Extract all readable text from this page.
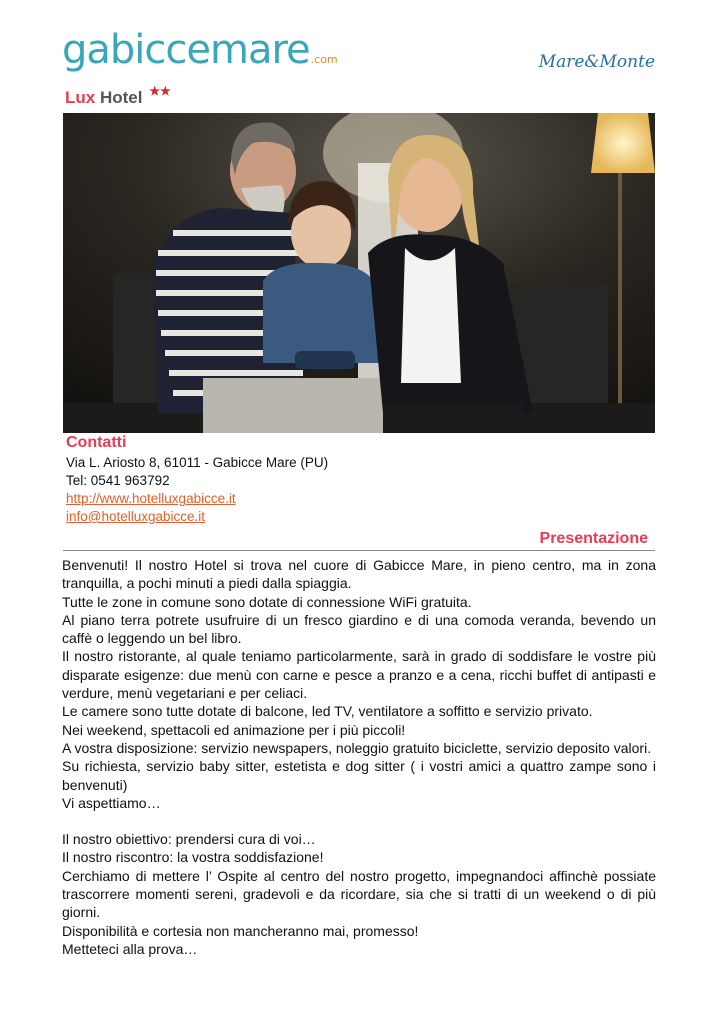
gabiccemare.com	Mare&Monte
Lux Hotel ★★
Contatti
Via L. Ariosto 8, 61011 - Gabicce Mare (PU)
Tel: 0541 963792
http://www.hotelluxgabicce.it
info@hotelluxgabicce.it
Presentazione

Benvenuti! Il nostro Hotel si trova nel cuore di Gabicce Mare, in pieno centro, ma in zona tranquilla, a pochi minuti a piedi dalla spiaggia.

Tutte le zone in comune sono dotate di connessione WiFi gratuita.

Al piano terra potrete usufruire di un fresco giardino e di una comoda veranda, bevendo un caffè o leggendo un bel libro.

Il nostro ristorante, al quale teniamo particolarmente, sarà in grado di soddisfare le vostre più disparate esigenze: due menù con carne e pesce a pranzo e a cena, ricchi buffet di antipasti e verdure, menù vegetariani e per celiaci.

Le camere sono tutte dotate di balcone, led TV, ventilatore a soffitto e servizio privato.

Nei weekend, spettacoli ed animazione per i più piccoli!

A vostra disposizione: servizio newspapers, noleggio gratuito biciclette, servizio deposito valori.

Su richiesta, servizio baby sitter, estetista e dog sitter ( i vostri amici a quattro zampe sono i benvenuti)

Vi aspettiamo…

Il nostro obiettivo: prendersi cura di voi…

Il nostro riscontro: la vostra soddisfazione!

Cerchiamo di mettere l’ Ospite al centro del nostro progetto, impegnandoci affinchè possiate trascorrere momenti sereni, gradevoli e da ricordare, sia che si tratti di un weekend o di più giorni.

Disponibilità e cortesia non mancheranno mai, promesso!

Metteteci alla prova…
